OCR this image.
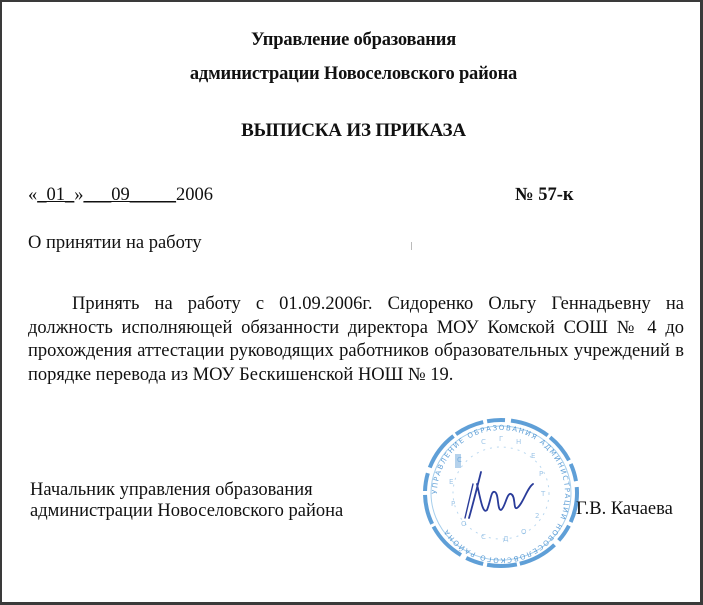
Управление образования
администрации Новоселовского района
ВЫПИСКА ИЗ ПРИКАЗА
«_01_»___09_____2006	№ 57-к
О принятии на работу
Принять на работу с 01.09.2006г. Сидоренко Ольгу Геннадьевну на должность исполняющей обязанности директора МОУ Комской СОШ № 4 до прохождения аттестации руководящих работников образовательных учреждений в порядке перевода из МОУ Бескишенской НОШ № 19.
Начальник управления образования
администрации Новоселовского района
УПРАВЛЕНИЕ ОБРАЗОВАНИЯ АДМИНИСТРАЦИИ НОВОСЕЛОВСКОГО РАЙОНА
С Г Н
Е
Р
Т
2
О
Д
С
О
Р
Е
С
Г.В. Качаева
